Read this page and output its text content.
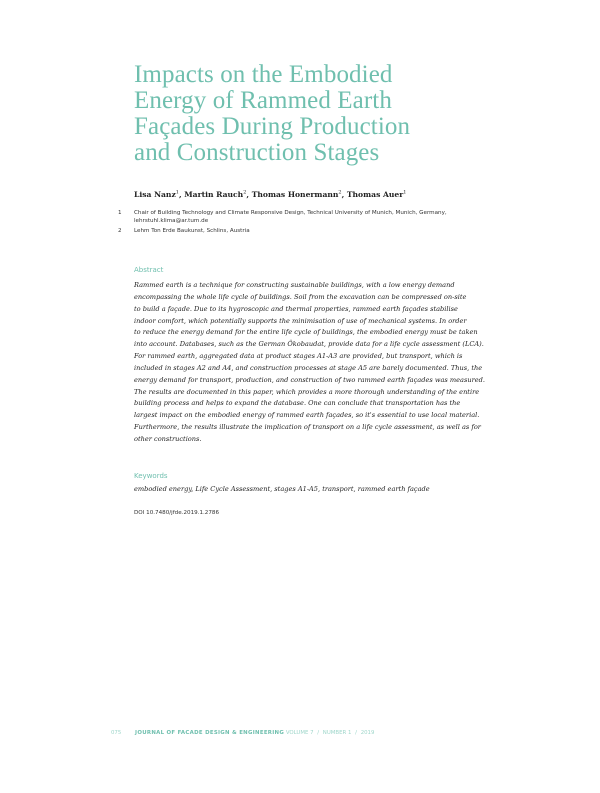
Impacts on the Embodied
Energy of Rammed Earth
Façades During Production
and Construction Stages
Lisa Nanz$^1$, Martin Rauch$^2$, Thomas Honermann$^2$, Thomas Auer$^1$
1 Chair of Building Technology and Climate Responsive Design, Technical University of Munich, Munich, Germany,
lehrstuhl.klima@ar.tum.de
2 Lehm Ton Erde Baukunst, Schlins, Austria
Abstract
Rammed earth is a technique for constructing sustainable buildings, with a low energy demand
encompassing the whole life cycle of buildings. Soil from the excavation can be compressed on-site
to build a façade. Due to its hygroscopic and thermal properties, rammed earth façades stabilise
indoor comfort, which potentially supports the minimisation of use of mechanical systems. In order
to reduce the energy demand for the entire life cycle of buildings, the embodied energy must be taken
into account. Databases, such as the German Ökobaudat, provide data for a life cycle assessment (LCA).
For rammed earth, aggregated data at product stages A1-A3 are provided, but transport, which is
included in stages A2 and A4, and construction processes at stage A5 are barely documented. Thus, the
energy demand for transport, production, and construction of two rammed earth façades was measured.
The results are documented in this paper, which provides a more thorough understanding of the entire
building process and helps to expand the database. One can conclude that transportation has the
largest impact on the embodied energy of rammed earth façades, so it's essential to use local material.
Furthermore, the results illustrate the implication of transport on a life cycle assessment, as well as for
other constructions.
Keywords
embodied energy, Life Cycle Assessment, stages A1-A5, transport, rammed earth façade
DOI 10.7480/jfde.2019.1.2786
075	JOURNAL OF FACADE DESIGN & ENGINEERING VOLUME 7 / NUMBER 1 / 2019
